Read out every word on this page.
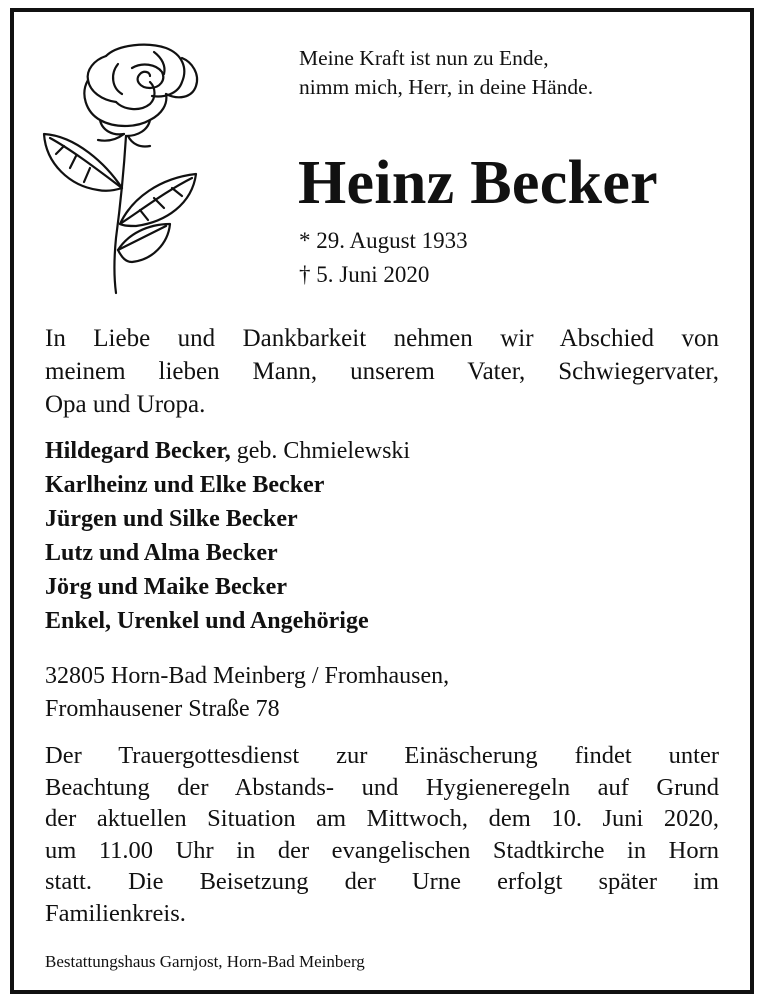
Meine Kraft ist nun zu Ende,
nimm mich, Herr, in deine Hände.
Heinz Becker
* 29. August 1933
† 5. Juni 2020
In Liebe und Dankbarkeit nehmen wir Abschied von
meinem lieben Mann, unserem Vater, Schwiegervater,
Opa und Uropa.
Hildegard Becker, geb. Chmielewski
Karlheinz und Elke Becker
Jürgen und Silke Becker
Lutz und Alma Becker
Jörg und Maike Becker
Enkel, Urenkel und Angehörige
32805 Horn-Bad Meinberg / Fromhausen,
Fromhausener Straße 78
Der Trauergottesdienst zur Einäscherung findet unter
Beachtung der Abstands- und Hygieneregeln auf Grund
der aktuellen Situation am Mittwoch, dem 10. Juni 2020,
um 11.00 Uhr in der evangelischen Stadtkirche in Horn
statt. Die Beisetzung der Urne erfolgt später im
Familienkreis.
Bestattungshaus Garnjost, Horn-Bad Meinberg
